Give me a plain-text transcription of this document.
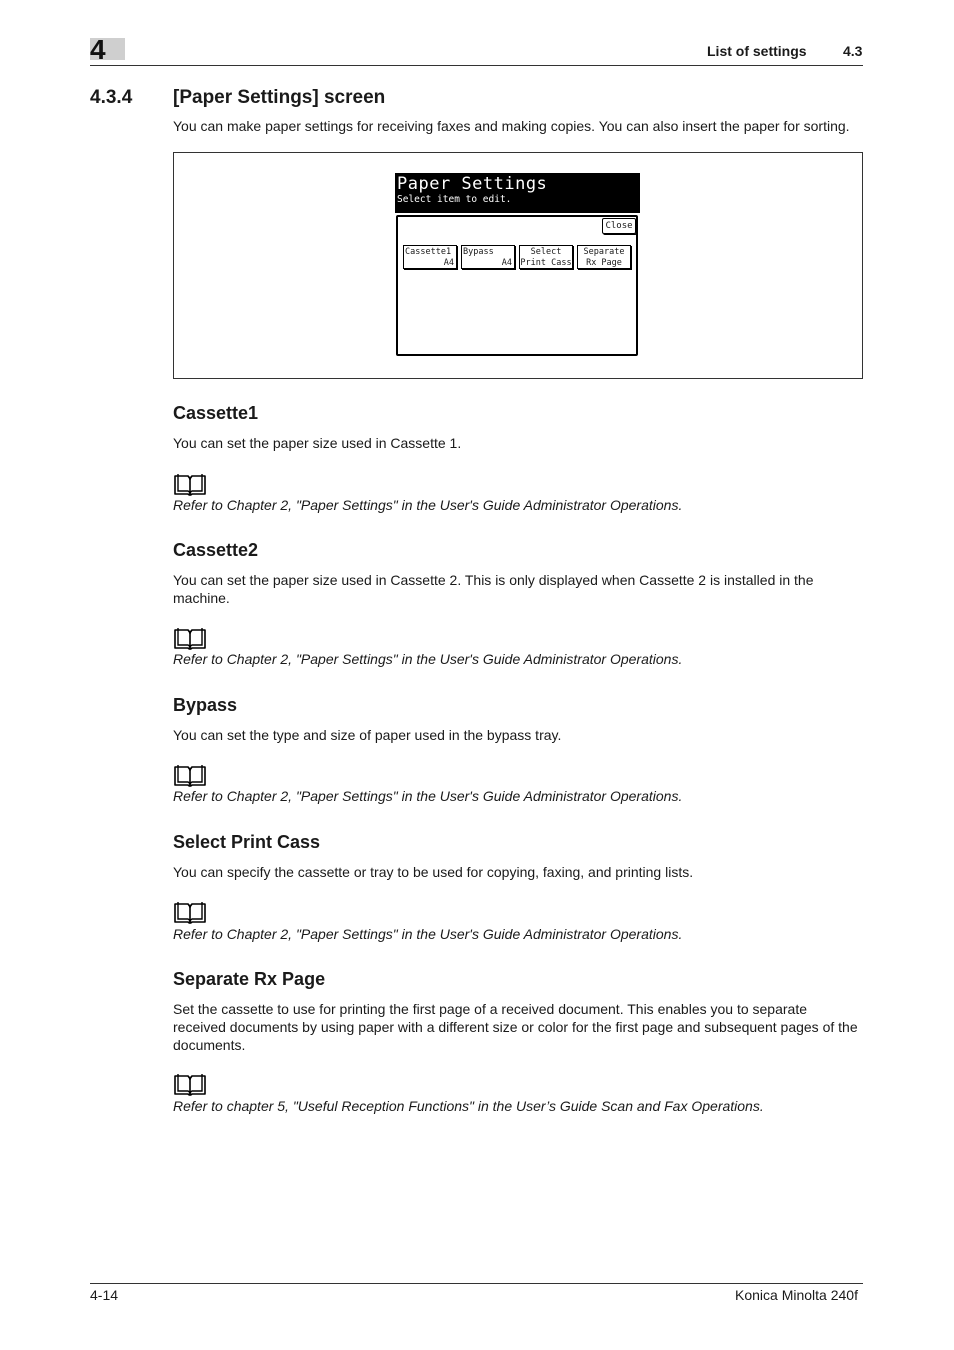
4	List of settings	4.3
4.3.4 [Paper Settings] screen
You can make paper settings for receiving faxes and making copies. You can also insert the paper for sorting.
Paper Settings
Select item to edit.
Close
Cassette1
A4
Bypass
A4
Select
Print Cass
Separate
Rx Page
Cassette1
You can set the paper size used in Cassette 1.
Refer to Chapter 2, "Paper Settings" in the User's Guide Administrator Operations.
Cassette2
You can set the paper size used in Cassette 2. This is only displayed when Cassette 2 is installed in the machine.
Refer to Chapter 2, "Paper Settings" in the User's Guide Administrator Operations.
Bypass
You can set the type and size of paper used in the bypass tray.
Refer to Chapter 2, "Paper Settings" in the User's Guide Administrator Operations.
Select Print Cass
You can specify the cassette or tray to be used for copying, faxing, and printing lists.
Refer to Chapter 2, "Paper Settings" in the User's Guide Administrator Operations.
Separate Rx Page
Set the cassette to use for printing the first page of a received document. This enables you to separate received documents by using paper with a different size or color for the first page and subsequent pages of the documents.
Refer to chapter 5, "Useful Reception Functions" in the User’s Guide Scan and Fax Operations.
4-14	Konica Minolta 240f
